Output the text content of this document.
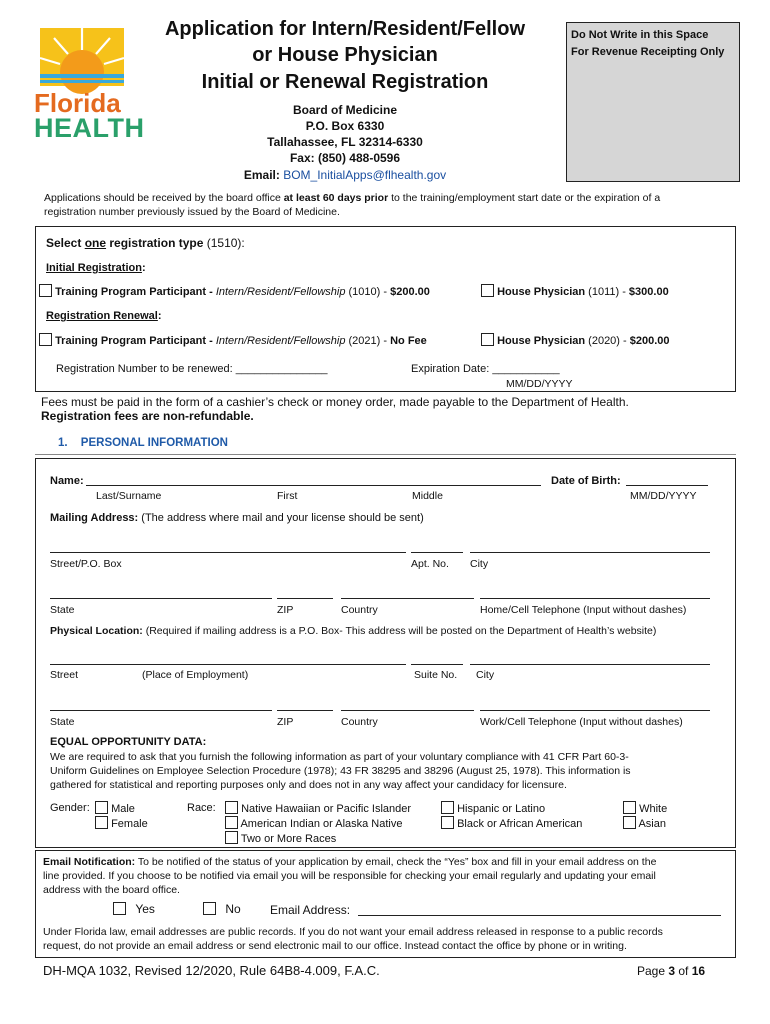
Florida
HEALTH
Application for Intern/Resident/Fellow
or House Physician
Initial or Renewal Registration
Board of Medicine
P.O. Box 6330
Tallahassee, FL 32314-6330
Fax: (850) 488-0596
Email: BOM_InitialApps@flhealth.gov
Do Not Write in this Space
For Revenue Receipting Only
Applications should be received by the board office at least 60 days prior to the training/employment start date or the expiration of a
registration number previously issued by the Board of Medicine.
Select one registration type (1510):
Initial Registration:
Training Program Participant - Intern/Resident/Fellowship (1010) - $200.00	House Physician (1011) - $300.00
Registration Renewal:
Training Program Participant - Intern/Resident/Fellowship (2021) - No Fee	House Physician (2020) - $200.00
Registration Number to be renewed: _______________	Expiration Date: ___________
MM/DD/YYYY
Fees must be paid in the form of a cashier’s check or money order, made payable to the Department of Health.
Registration fees are non-refundable.
1. PERSONAL INFORMATION
Name:	Date of Birth:
Last/Surname	First	Middle	MM/DD/YYYY
Mailing Address: (The address where mail and your license should be sent)
Street/P.O. Box	Apt. No. City
State	ZIP	Country	Home/Cell Telephone (Input without dashes)
Physical Location: (Required if mailing address is a P.O. Box- This address will be posted on the Department of Health’s website)
Street	(Place of Employment)	Suite No. City
State	ZIP	Country	Work/Cell Telephone (Input without dashes)
EQUAL OPPORTUNITY DATA:
We are required to ask that you furnish the following information as part of your voluntary compliance with 41 CFR Part 60-3-
Uniform Guidelines on Employee Selection Procedure (1978); 43 FR 38295 and 38296 (August 25, 1978). This information is
gathered for statistical and reporting purposes only and does not in any way affect your candidacy for licensure.
Gender:	Male
Female
Race:	Native Hawaiian or Pacific Islander
American Indian or Alaska Native
Two or More Races
Hispanic or Latino
Black or African American
White
Asian
Email Notification: To be notified of the status of your application by email, check the “Yes” box and fill in your email address on the
line provided. If you choose to be notified via email you will be responsible for checking your email regularly and updating your email
address with the board office.
Yes	No Email Address:
Under Florida law, email addresses are public records. If you do not want your email address released in response to a public records
request, do not provide an email address or send electronic mail to our office. Instead contact the office by phone or in writing.
DH-MQA 1032, Revised 12/2020, Rule 64B8-4.009, F.A.C.	Page 3 of 16
